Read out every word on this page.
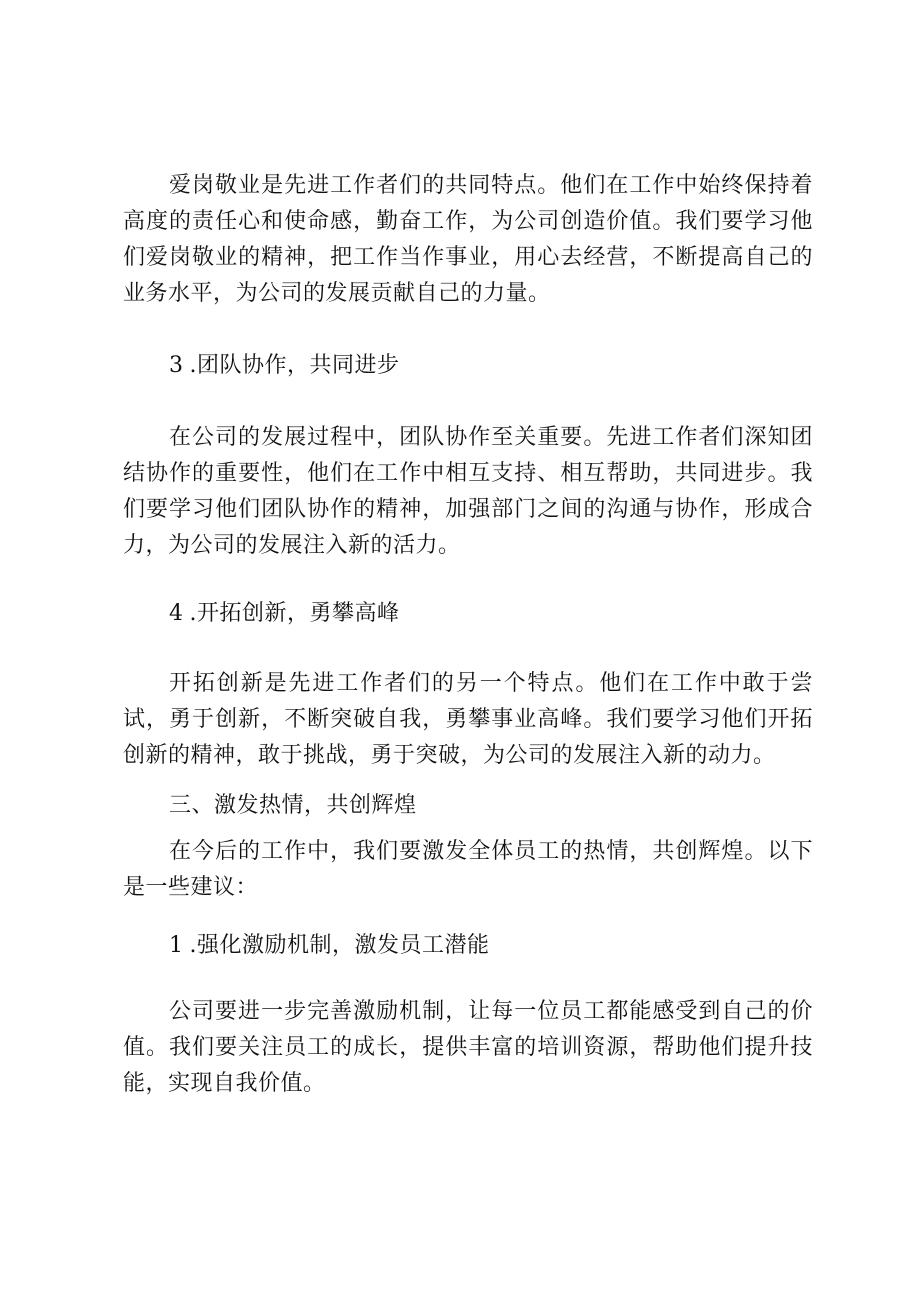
爱岗敬业是先进工作者们的共同特点。他们在工作中始终保持着高度的责任心和使命感，勤奋工作，为公司创造价值。我们要学习他们爱岗敬业的精神，把工作当作事业，用心去经营，不断提高自己的业务水平，为公司的发展贡献自己的力量。

3 .团队协作，共同进步

在公司的发展过程中，团队协作至关重要。先进工作者们深知团结协作的重要性，他们在工作中相互支持、相互帮助，共同进步。我们要学习他们团队协作的精神，加强部门之间的沟通与协作，形成合力，为公司的发展注入新的活力。

4 .开拓创新，勇攀高峰

开拓创新是先进工作者们的另一个特点。他们在工作中敢于尝试，勇于创新，不断突破自我，勇攀事业高峰。我们要学习他们开拓创新的精神，敢于挑战，勇于突破，为公司的发展注入新的动力。

三、激发热情，共创辉煌

在今后的工作中，我们要激发全体员工的热情，共创辉煌。以下是一些建议：

1 .强化激励机制，激发员工潜能

公司要进一步完善激励机制，让每一位员工都能感受到自己的价值。我们要关注员工的成长，提供丰富的培训资源，帮助他们提升技能，实现自我价值。
